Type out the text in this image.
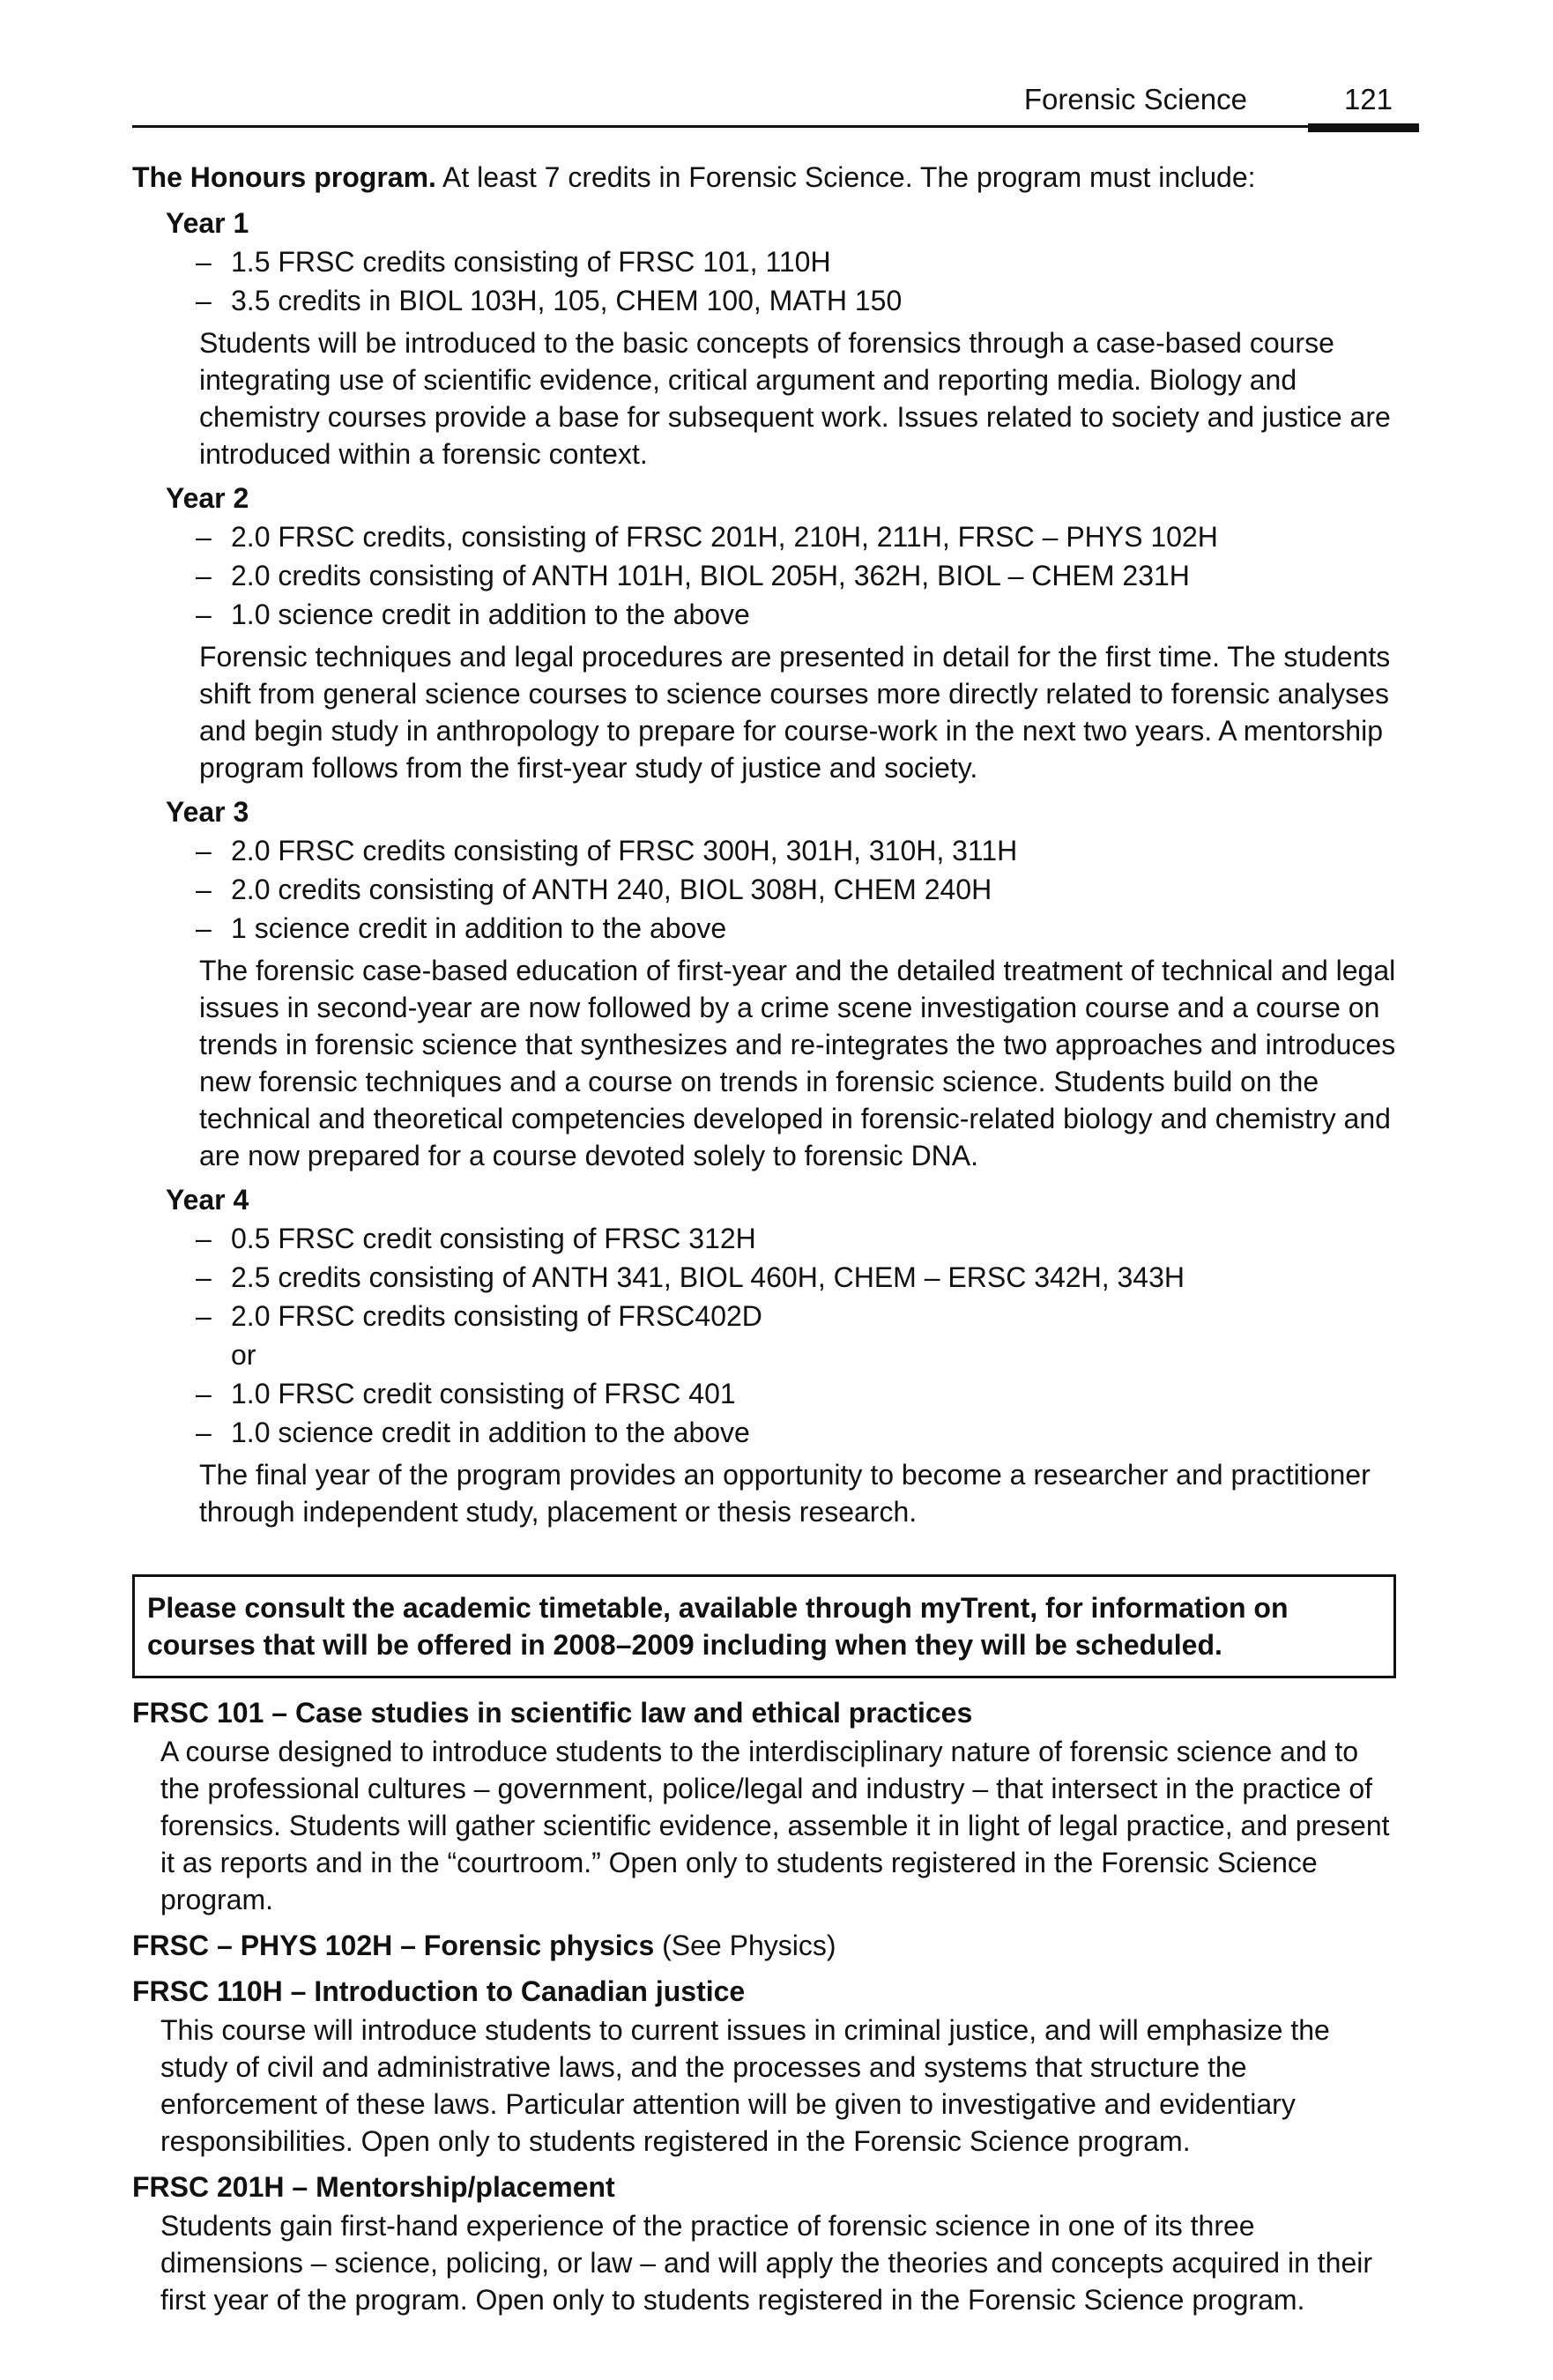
Forensic Science	121

The Honours program. At least 7 credits in Forensic Science. The program must include:

Year 1

– 1.5 FRSC credits consisting of FRSC 101, 110H
– 3.5 credits in BIOL 103H, 105, CHEM 100, MATH 150

Students will be introduced to the basic concepts of forensics through a case-based course integrating use of scientific evidence, critical argument and reporting media. Biology and chemistry courses provide a base for subsequent work. Issues related to society and justice are introduced within a forensic context.

Year 2

– 2.0 FRSC credits, consisting of FRSC 201H, 210H, 211H, FRSC – PHYS 102H
– 2.0 credits consisting of ANTH 101H, BIOL 205H, 362H, BIOL – CHEM 231H
– 1.0 science credit in addition to the above

Forensic techniques and legal procedures are presented in detail for the first time. The students shift from general science courses to science courses more directly related to forensic analyses and begin study in anthropology to prepare for course-work in the next two years. A mentorship program follows from the first-year study of justice and society.

Year 3

– 2.0 FRSC credits consisting of FRSC 300H, 301H, 310H, 311H
– 2.0 credits consisting of ANTH 240, BIOL 308H, CHEM 240H
– 1 science credit in addition to the above

The forensic case-based education of first-year and the detailed treatment of technical and legal issues in second-year are now followed by a crime scene investigation course and a course on trends in forensic science that synthesizes and re-integrates the two approaches and introduces new forensic techniques and a course on trends in forensic science. Students build on the technical and theoretical competencies developed in forensic-related biology and chemistry and are now prepared for a course devoted solely to forensic DNA.

Year 4

– 0.5 FRSC credit consisting of FRSC 312H
– 2.5 credits consisting of ANTH 341, BIOL 460H, CHEM – ERSC 342H, 343H
– 2.0 FRSC credits consisting of FRSC402D
or
– 1.0 FRSC credit consisting of FRSC 401
– 1.0 science credit in addition to the above

The final year of the program provides an opportunity to become a researcher and practitioner through independent study, placement or thesis research.

Please consult the academic timetable, available through myTrent, for information on courses that will be offered in 2008–2009 including when they will be scheduled.

FRSC 101 – Case studies in scientific law and ethical practices

A course designed to introduce students to the interdisciplinary nature of forensic science and to the professional cultures – government, police/legal and industry – that intersect in the practice of forensics. Students will gather scientific evidence, assemble it in light of legal practice, and present it as reports and in the “courtroom.” Open only to students registered in the Forensic Science program.

FRSC – PHYS 102H – Forensic physics (See Physics)

FRSC 110H – Introduction to Canadian justice

This course will introduce students to current issues in criminal justice, and will emphasize the study of civil and administrative laws, and the processes and systems that structure the enforcement of these laws. Particular attention will be given to investigative and evidentiary responsibilities. Open only to students registered in the Forensic Science program.

FRSC 201H – Mentorship/placement

Students gain first-hand experience of the practice of forensic science in one of its three dimensions – science, policing, or law – and will apply the theories and concepts acquired in their first year of the program. Open only to students registered in the Forensic Science program.
